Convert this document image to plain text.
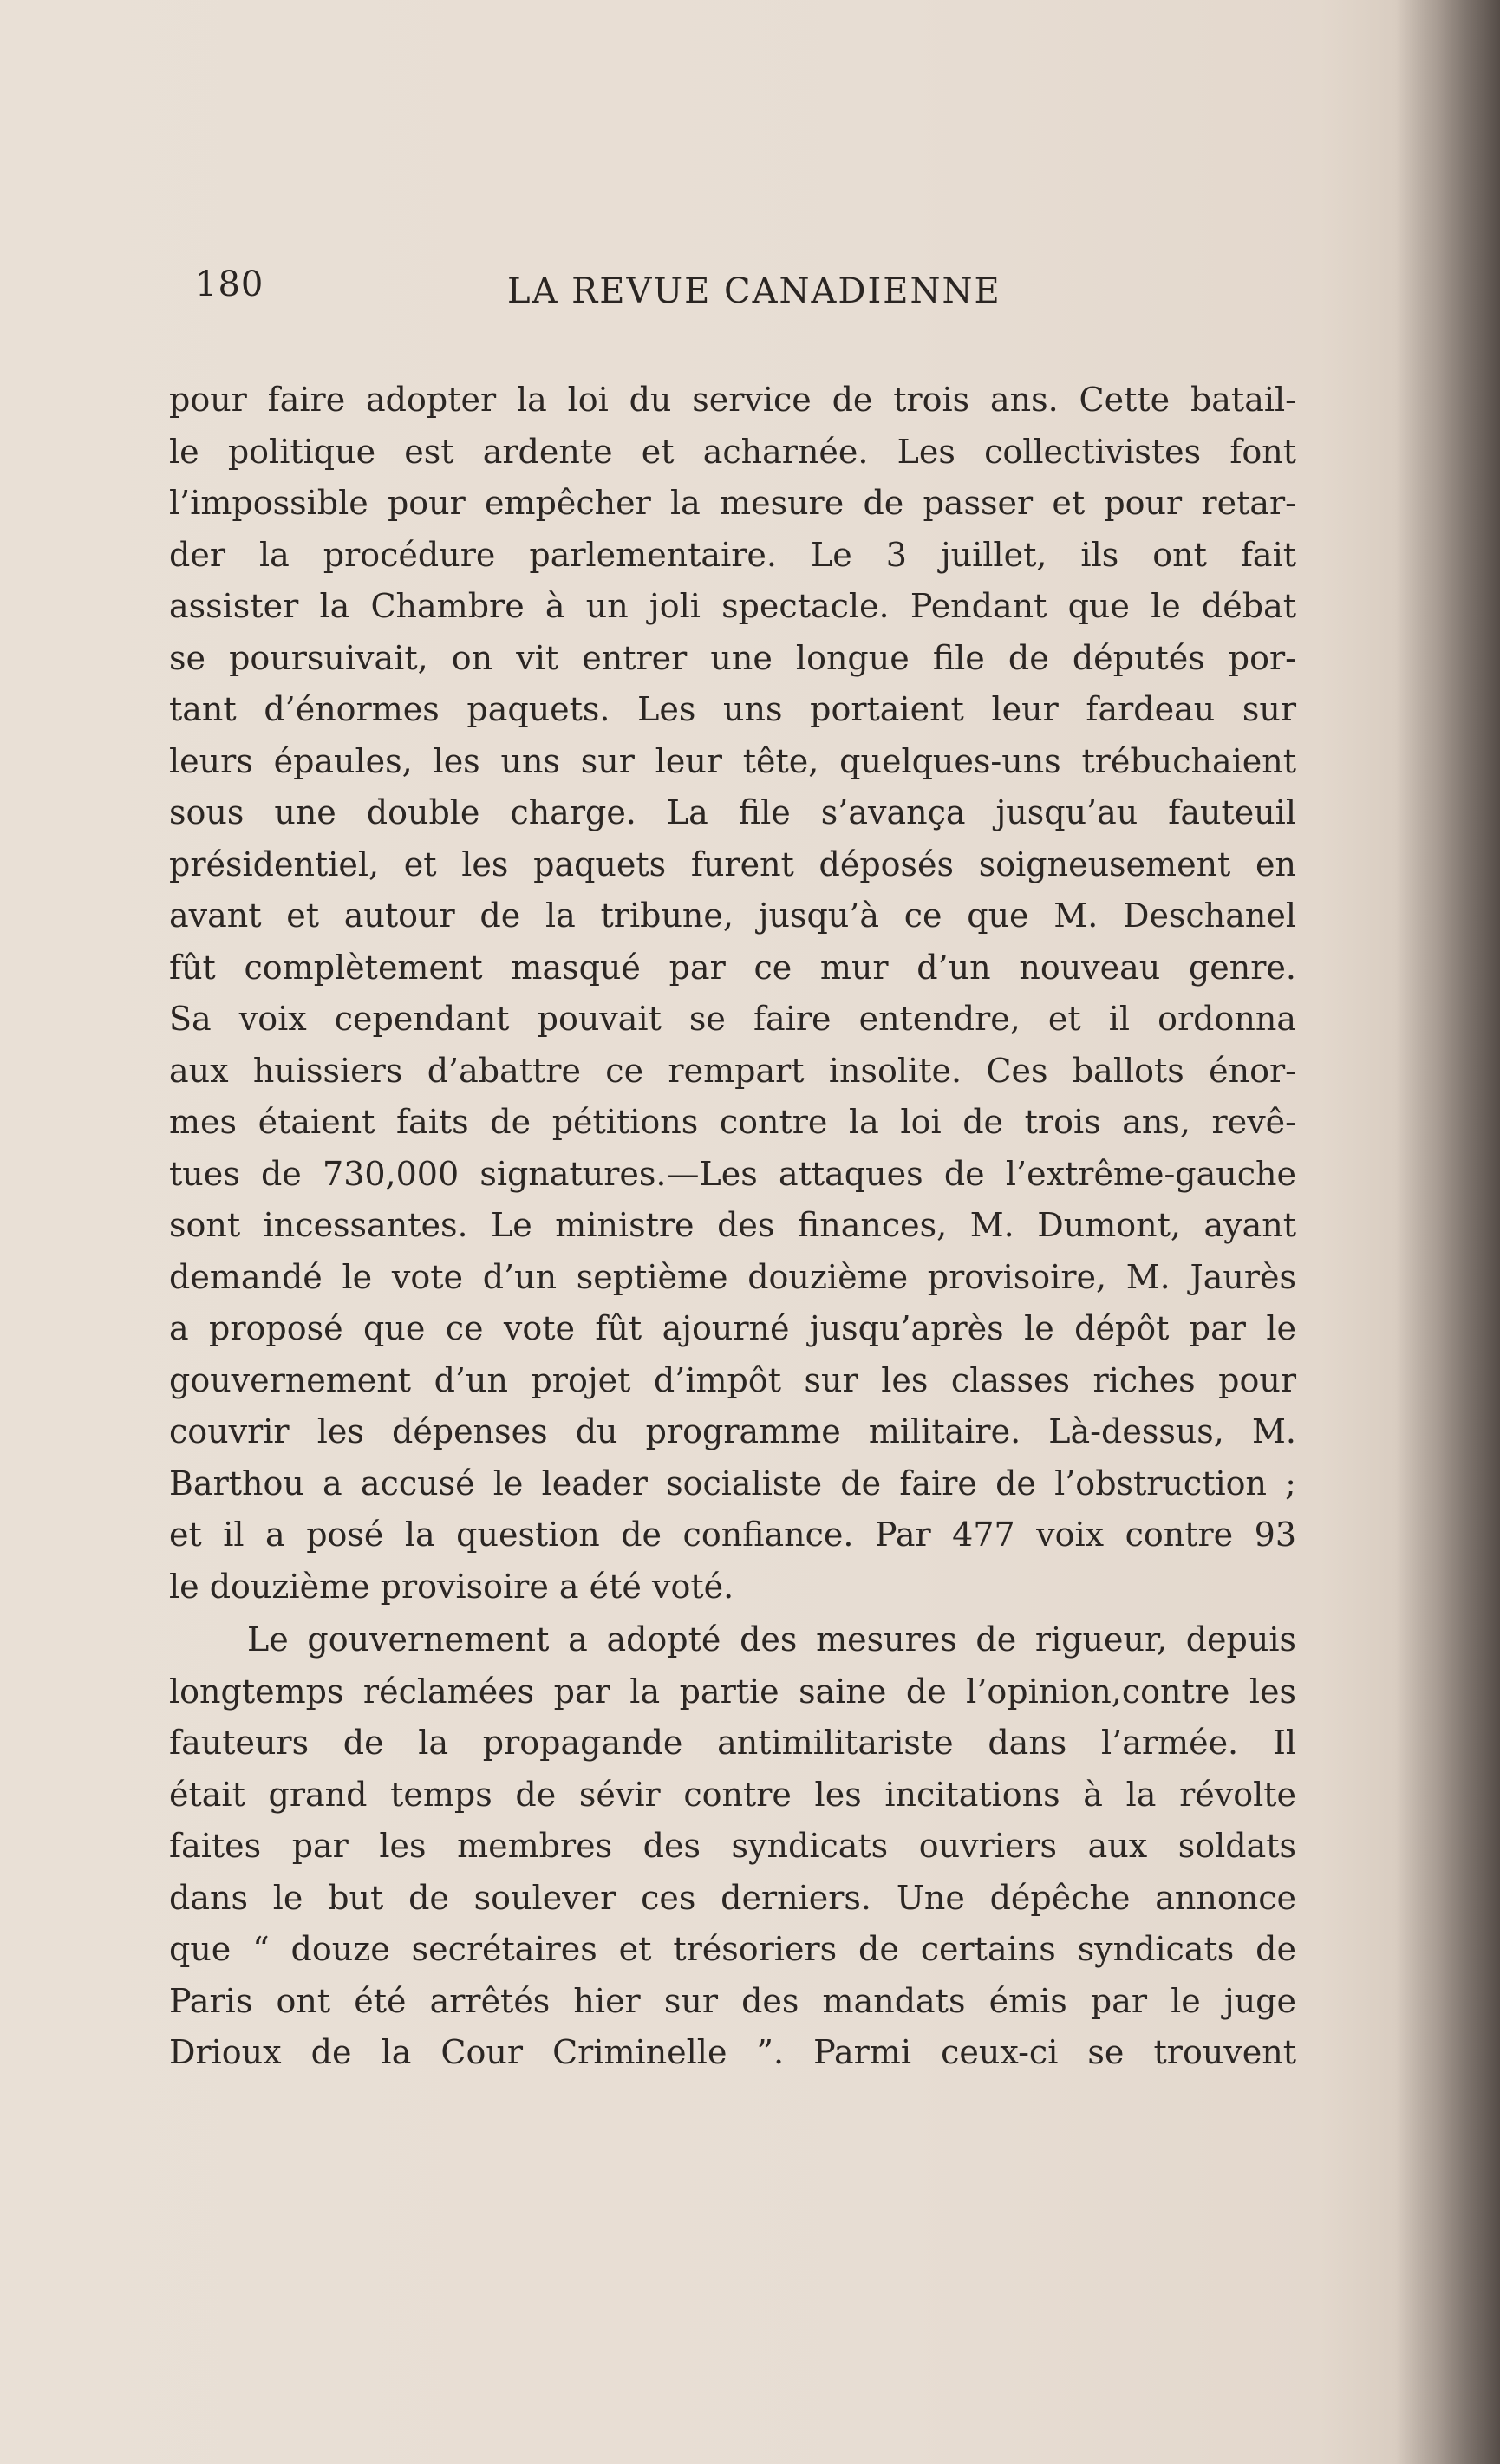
180	LA REVUE CANADIENNE
pour faire adopter la loi du service de trois ans. Cette batail-
le politique est ardente et acharnée. Les collectivistes font
l’impossible pour empêcher la mesure de passer et pour retar-
der la procédure parlementaire. Le 3 juillet, ils ont fait
assister la Chambre à un joli spectacle. Pendant que le débat
se poursuivait, on vit entrer une longue file de députés por-
tant d’énormes paquets. Les uns portaient leur fardeau sur
leurs épaules, les uns sur leur tête, quelques-uns trébuchaient
sous une double charge. La file s’avança jusqu’au fauteuil
présidentiel, et les paquets furent déposés soigneusement en
avant et autour de la tribune, jusqu’à ce que M. Deschanel
fût complètement masqué par ce mur d’un nouveau genre.
Sa voix cependant pouvait se faire entendre, et il ordonna
aux huissiers d’abattre ce rempart insolite. Ces ballots énor-
mes étaient faits de pétitions contre la loi de trois ans, revê-
tues de 730,000 signatures.—Les attaques de l’extrême-gauche
sont incessantes. Le ministre des finances, M. Dumont, ayant
demandé le vote d’un septième douzième provisoire, M. Jaurès
a proposé que ce vote fût ajourné jusqu’après le dépôt par le
gouvernement d’un projet d’impôt sur les classes riches pour
couvrir les dépenses du programme militaire. Là-dessus, M.
Barthou a accusé le leader socialiste de faire de l’obstruction ;
et il a posé la question de confiance. Par 477 voix contre 93
le douzième provisoire a été voté.
Le gouvernement a adopté des mesures de rigueur, depuis
longtemps réclamées par la partie saine de l’opinion,contre les
fauteurs de la propagande antimilitariste dans l’armée. Il
était grand temps de sévir contre les incitations à la révolte
faites par les membres des syndicats ouvriers aux soldats
dans le but de soulever ces derniers. Une dépêche annonce
que “ douze secrétaires et trésoriers de certains syndicats de
Paris ont été arrêtés hier sur des mandats émis par le juge
Drioux de la Cour Criminelle ”. Parmi ceux-ci se trouvent
